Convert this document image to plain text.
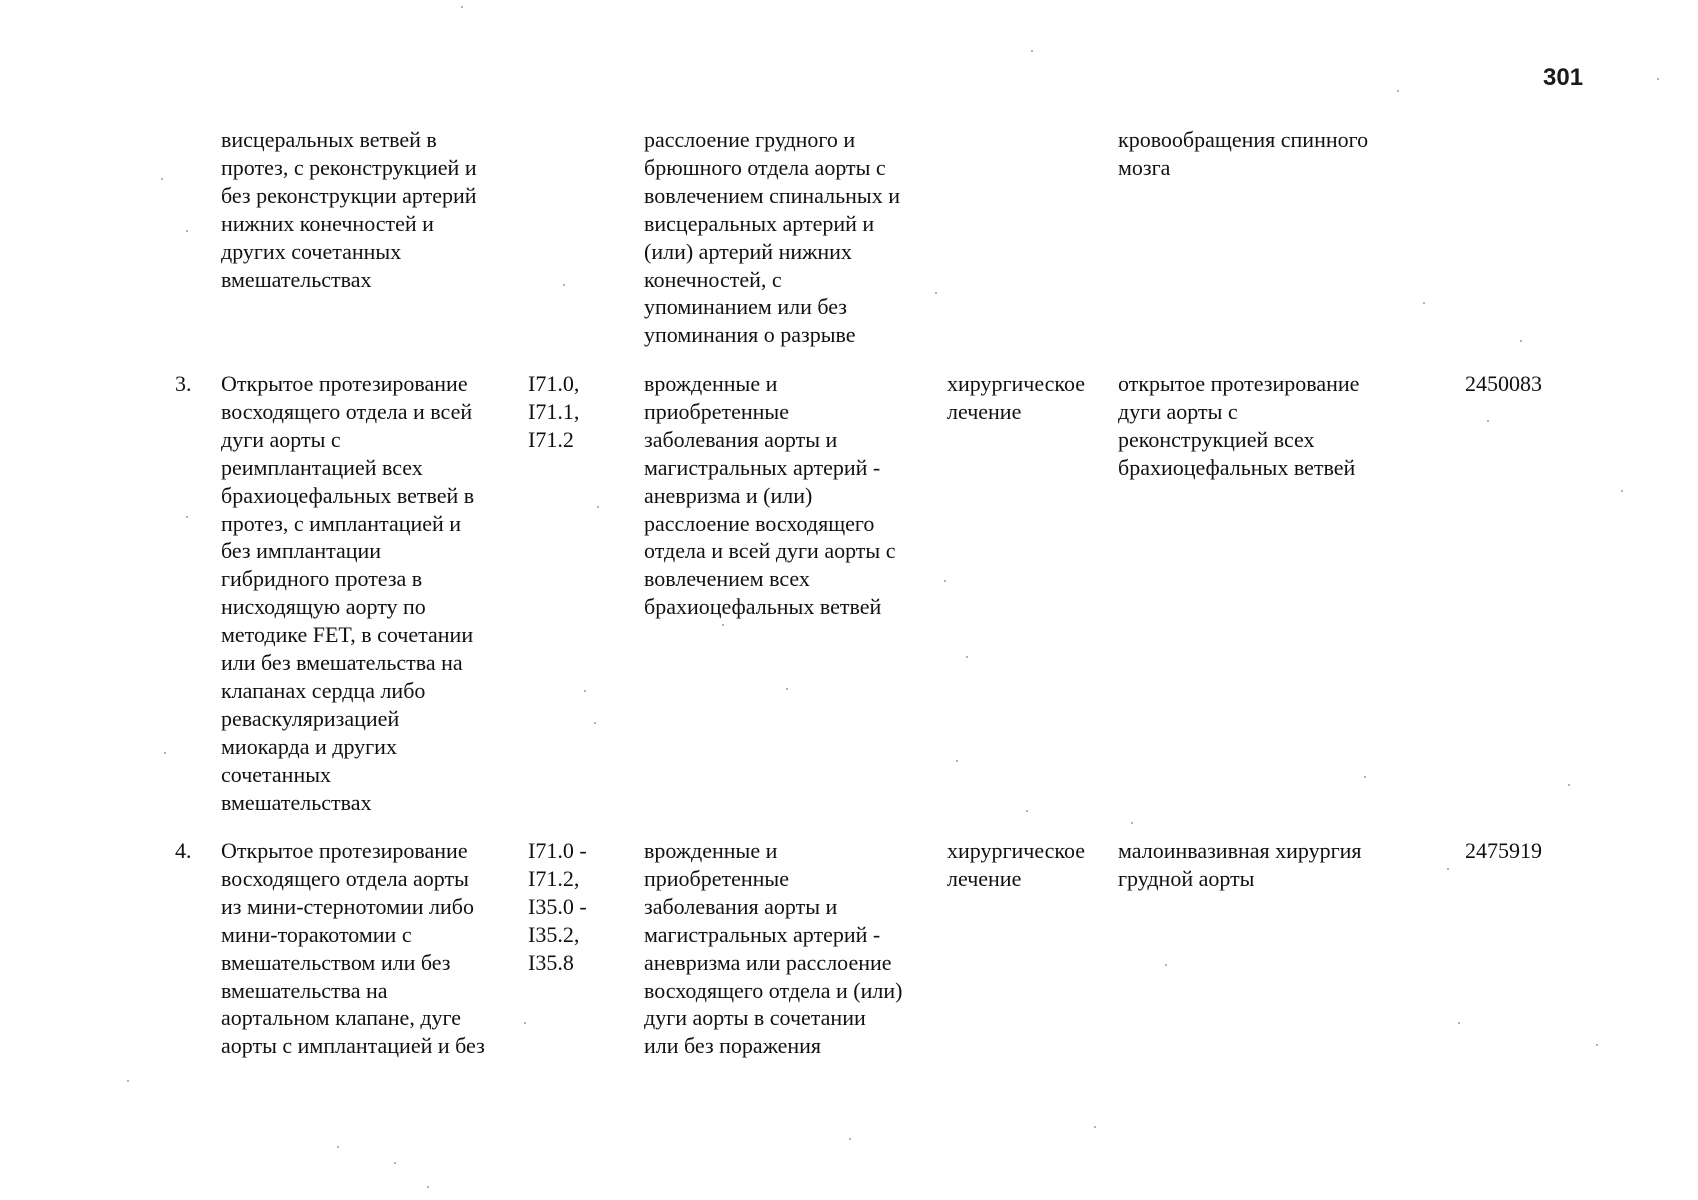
301

висцеральных ветвей в
протез, с реконструкцией и
без реконструкции артерий
нижних конечностей и
других сочетанных
вмешательствах

расслоение грудного и
брюшного отдела аорты с
вовлечением спинальных и
висцеральных артерий и
(или) артерий нижних
конечностей, с
упоминанием или без
упоминания о разрыве

кровообращения спинного
мозга

3.	Открытое протезирование
восходящего отдела и всей
дуги аорты с
реимплантацией всех
брахиоцефальных ветвей в
протез, с имплантацией и
без имплантации
гибридного протеза в
нисходящую аорту по
методике FET, в сочетании
или без вмешательства на
клапанах сердца либо
реваскуляризацией
миокарда и других
сочетанных
вмешательствах

I71.0,
I71.1,
I71.2

врожденные и
приобретенные
заболевания аорты и
магистральных артерий -
аневризма и (или)
расслоение восходящего
отдела и всей дуги аорты с
вовлечением всех
брахиоцефальных ветвей

хирургическое
лечение

открытое протезирование
дуги аорты с
реконструкцией всех
брахиоцефальных ветвей

2450083

4.	Открытое протезирование
восходящего отдела аорты
из мини-стернотомии либо
мини-торакотомии с
вмешательством или без
вмешательства на
аортальном клапане, дуге
аорты с имплантацией и без

I71.0 -
I71.2,
I35.0 -
I35.2,
I35.8

врожденные и
приобретенные
заболевания аорты и
магистральных артерий -
аневризма или расслоение
восходящего отдела и (или)
дуги аорты в сочетании
или без поражения

хирургическое
лечение

малоинвазивная хирургия
грудной аорты

2475919
